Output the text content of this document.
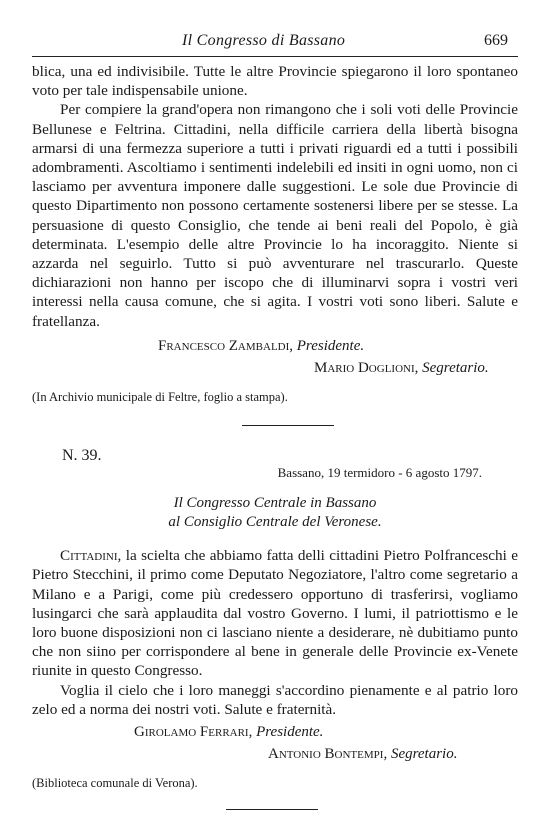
Il Congresso di Bassano	669

blica, una ed indivisibile. Tutte le altre Provincie spiegarono il loro spontaneo voto per tale indispensabile unione.

Per compiere la grand'opera non rimangono che i soli voti delle Provincie Bellunese e Feltrina. Cittadini, nella difficile carriera della libertà bisogna armarsi di una fermezza superiore a tutti i privati riguardi ed a tutti i possibili adombramenti. Ascoltiamo i sentimenti indelebili ed insiti in ogni uomo, non ci lasciamo per avventura imponere dalle suggestioni. Le sole due Provincie di questo Dipartimento non possono certamente sostenersi libere per se stesse. La persuasione di questo Consiglio, che tende ai beni reali del Popolo, è già determinata. L'esempio delle altre Provincie lo ha incoraggito. Niente si azzarda nel seguirlo. Tutto si può avventurare nel trascurarlo. Queste dichiarazioni non hanno per iscopo che di illuminarvi sopra i vostri veri interessi nella causa comune, che si agita. I vostri voti sono liberi. Salute e fratellanza.

Francesco Zambaldi, Presidente.
Mario Doglioni, Segretario.
(In Archivio municipale di Feltre, foglio a stampa).
N. 39.
Bassano, 19 termidoro - 6 agosto 1797.
Il Congresso Centrale in Bassano
al Consiglio Centrale del Veronese.

Cittadini, la scielta che abbiamo fatta delli cittadini Pietro Polfranceschi e Pietro Stecchini, il primo come Deputato Negoziatore, l'altro come segretario a Milano e a Parigi, come più credessero opportuno di trasferirsi, vogliamo lusingarci che sarà applaudita dal vostro Governo. I lumi, il patriottismo e le loro buone disposizioni non ci lasciano niente a desiderare, nè dubitiamo punto che non siino per corrispondere al bene in generale delle Provincie ex-Venete riunite in questo Congresso.

Voglia il cielo che i loro maneggi s'accordino pienamente e al patrio loro zelo ed a norma dei nostri voti. Salute e fraternità.

Girolamo Ferrari, Presidente.
Antonio Bontempi, Segretario.
(Biblioteca comunale di Verona).
